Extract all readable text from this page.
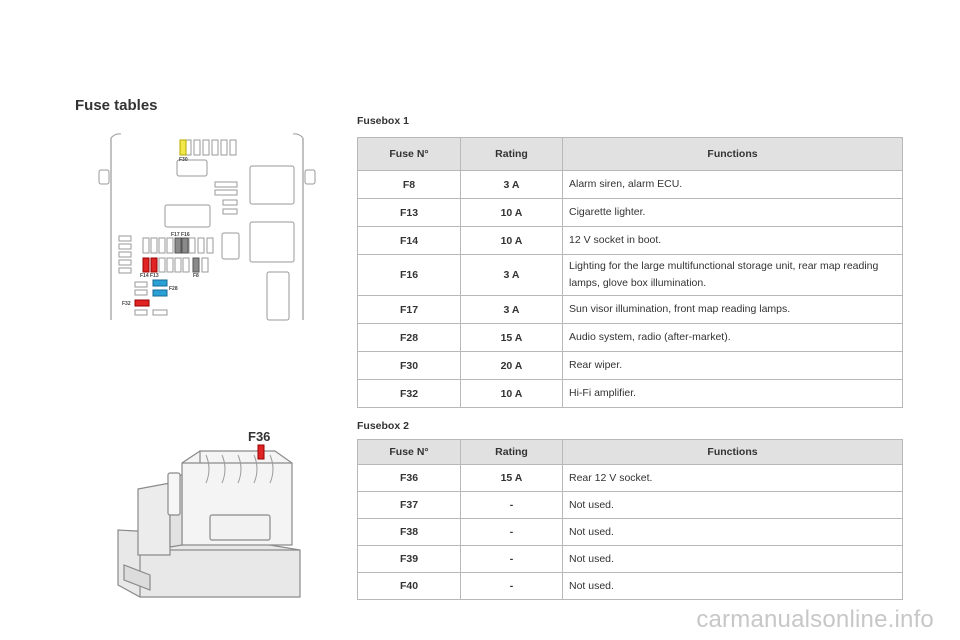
Fuse tables
F30
F17 F16
F14 F13	F8
F28
F32
F36
Fusebox 1
Fuse N°	Rating	Functions
F8	3 A	Alarm siren, alarm ECU.
F13	10 A	Cigarette lighter.
F14	10 A	12 V socket in boot.
F16	3 A	Lighting for the large multifunctional storage unit, rear map reading lamps, glove box illumination.
F17	3 A	Sun visor illumination, front map reading lamps.
F28	15 A	Audio system, radio (after-market).
F30	20 A	Rear wiper.
F32	10 A	Hi-Fi amplifier.
Fusebox 2
Fuse N°	Rating	Functions
F36	15 A	Rear 12 V socket.
F37	-	Not used.
F38	-	Not used.
F39	-	Not used.
F40	-	Not used.
carmanualsonline.info
